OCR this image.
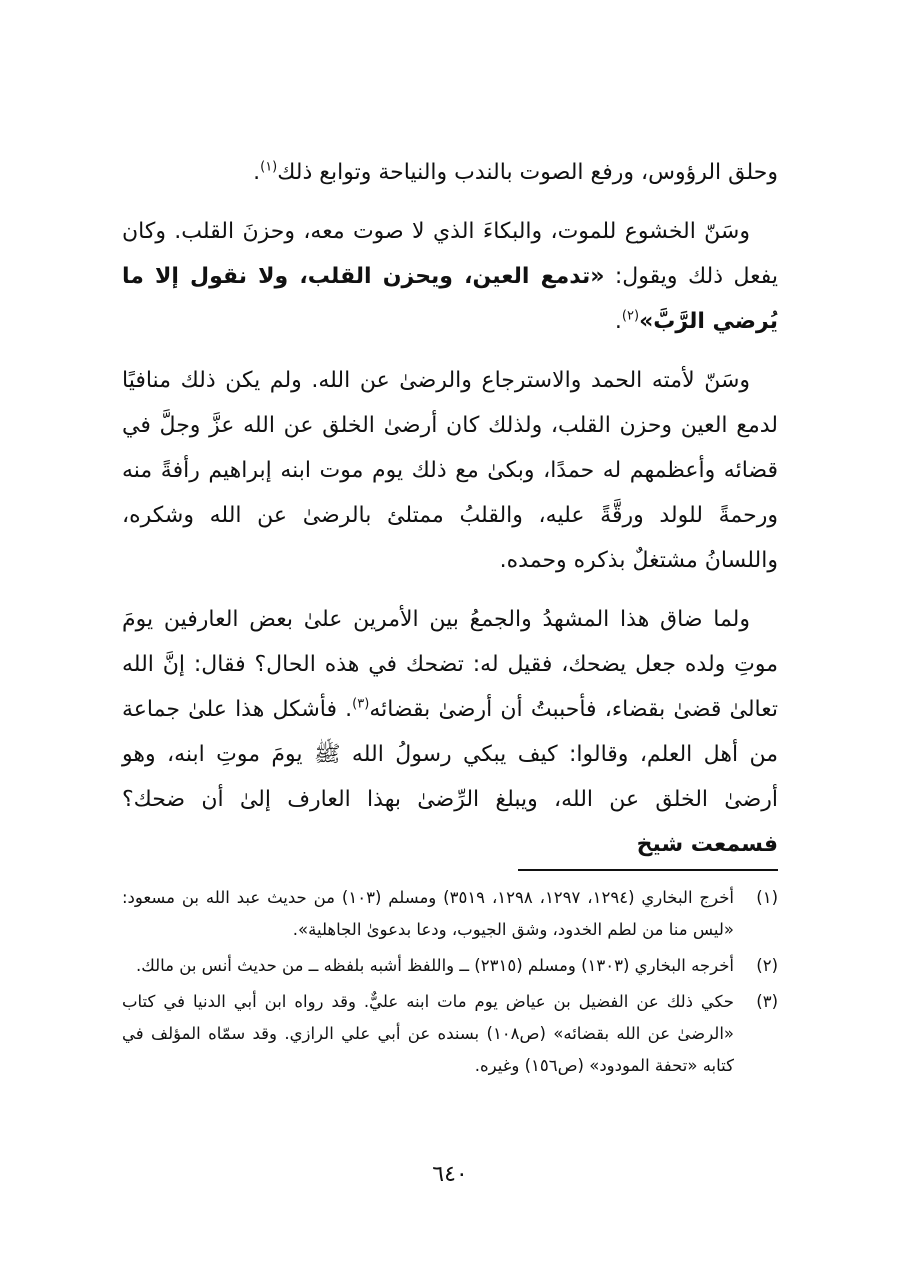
وحلق الرؤوس، ورفع الصوت بالندب والنياحة وتوابع ذلك$^{(١)}$.

وسَنّ الخشوع للموت، والبكاءَ الذي لا صوت معه، وحزنَ القلب. وكان يفعل ذلك ويقول: «تدمع العين، ويحزن القلب، ولا نقول إلا ما يُرضي الرَّبَّ»$^{(٢)}$.

وسَنّ لأمته الحمد والاسترجاع والرضىٰ عن الله. ولم يكن ذلك منافيًا لدمع العين وحزن القلب، ولذلك كان أرضىٰ الخلق عن الله عزَّ وجلَّ في قضائه وأعظمهم له حمدًا، وبكىٰ مع ذلك يوم موت ابنه إبراهيم رأفةً منه ورحمةً للولد ورقَّةً عليه، والقلبُ ممتلئ بالرضىٰ عن الله وشكره، واللسانُ مشتغلٌ بذكره وحمده.

ولما ضاق هذا المشهدُ والجمعُ بين الأمرين علىٰ بعض العارفين يومَ موتِ ولده جعل يضحك، فقيل له: تضحك في هذه الحال؟ فقال: إنَّ الله تعالىٰ قضىٰ بقضاء، فأحببتُ أن أرضىٰ بقضائه$^{(٣)}$. فأشكل هذا علىٰ جماعة من أهل العلم، وقالوا: كيف يبكي رسولُ الله ﷺ يومَ موتِ ابنه، وهو أرضىٰ الخلق عن الله، ويبلغ الرِّضىٰ بهذا العارف إلىٰ أن ضحك؟ فسمعت شيخ

(١)
أخرج البخاري (١٢٩٤، ١٢٩٧، ١٢٩٨، ٣٥١٩) ومسلم (١٠٣) من حديث عبد الله بن مسعود: «ليس منا من لطم الخدود، وشق الجيوب، ودعا بدعوىٰ الجاهلية».
(٢)
أخرجه البخاري (١٣٠٣) ومسلم (٢٣١٥) ــ واللفظ أشبه بلفظه ــ من حديث أنس بن مالك.
(٣)
حكي ذلك عن الفضيل بن عياض يوم مات ابنه عليٌّ. وقد رواه ابن أبي الدنيا في كتاب «الرضىٰ عن الله بقضائه» (ص١٠٨) بسنده عن أبي علي الرازي. وقد سمّاه المؤلف في كتابه «تحفة المودود» (ص١٥٦) وغيره.
٦٤٠
